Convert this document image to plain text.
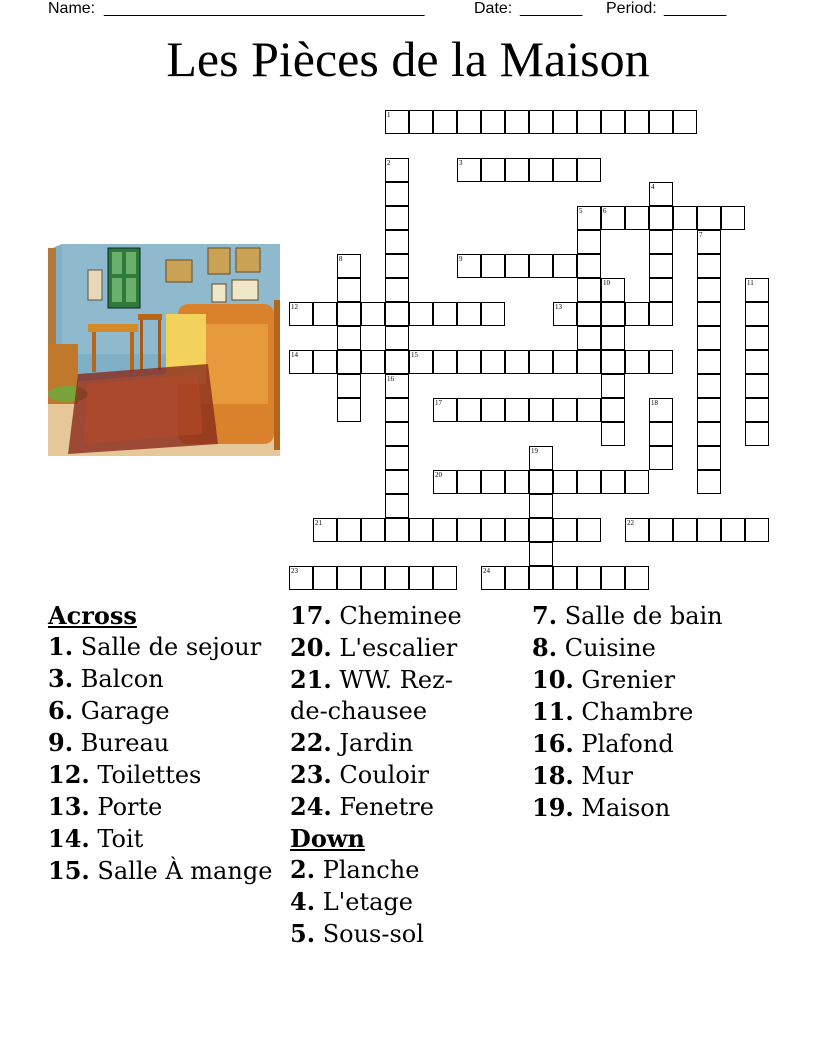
Name: ____________________________________	Date: _______ Period: _______
Les Pièces de la Maison
1
2
16
3
4
5	6
7
8	9
10	11
12	13
14	15
17	18
19
20
21	22
23	24
Across
1. Salle de sejour
3. Balcon
6. Garage
9. Bureau
12. Toilettes
13. Porte
14. Toit
15. Salle À mange
17. Cheminee
20. L'escalier
21. WW. Rez-de-chausee
22. Jardin
23. Couloir
24. Fenetre
Down
2. Planche
4. L'etage
5. Sous-sol
7. Salle de bain
8. Cuisine
10. Grenier
11. Chambre
16. Plafond
18. Mur
19. Maison
